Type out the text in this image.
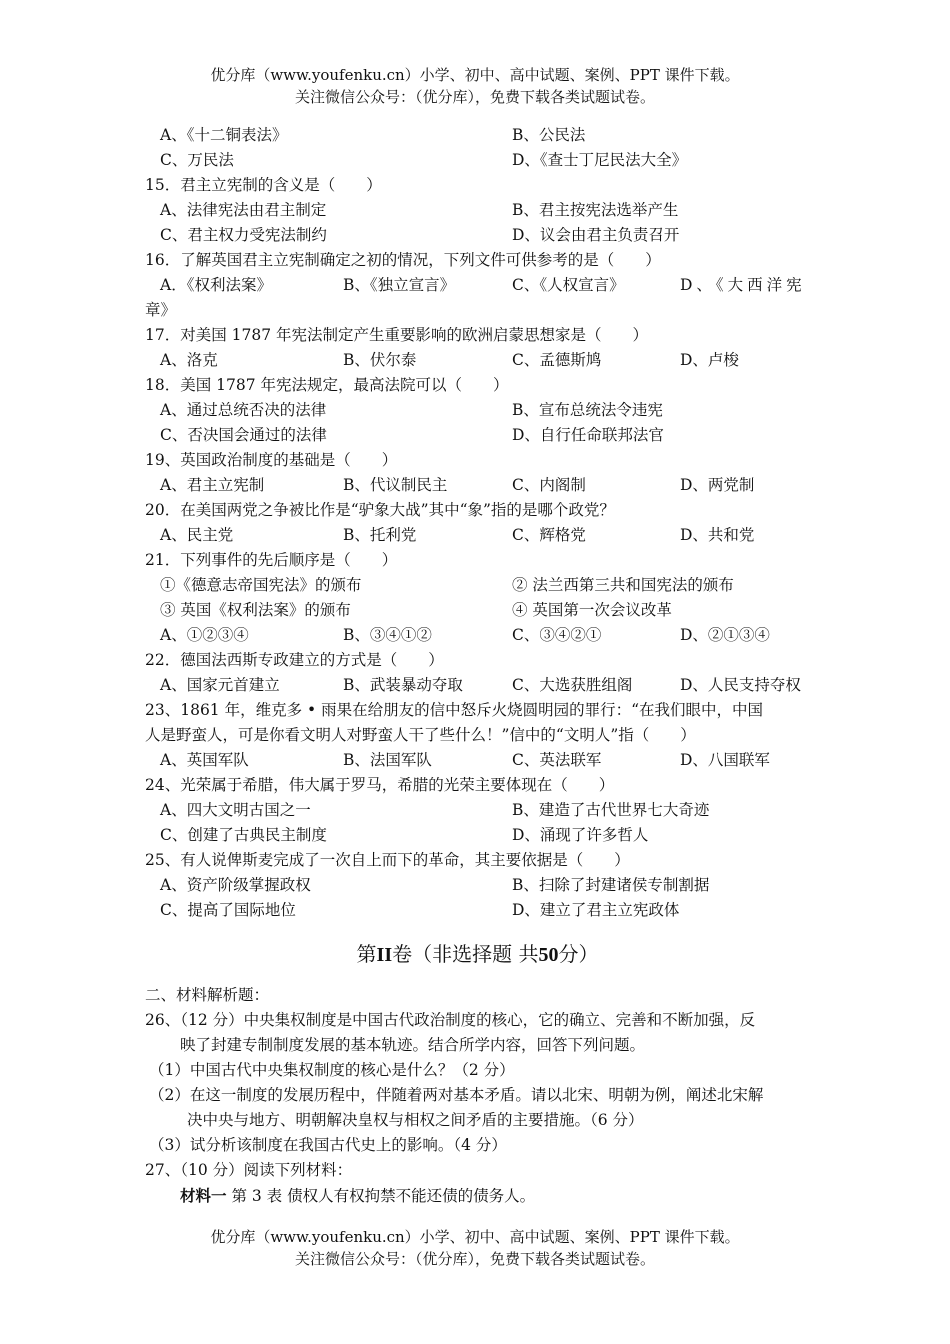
优分库（www.youfenku.cn）小学、初中、高中试题、案例、PPT 课件下载。
关注微信公众号：（优分库），免费下载各类试题试卷。
A、《十二铜表法》	B、公民法
C、万民法	D、《查士丁尼民法大全》
15．君主立宪制的含义是（　　）
A、法律宪法由君主制定	B、君主按宪法选举产生
C、君主权力受宪法制约	D、议会由君主负责召开
16．了解英国君主立宪制确定之初的情况，下列文件可供参考的是（　　）
A．《权利法案》	B、《独立宣言》	C、《人权宣言》	D、《大西洋宪
章》
17．对美国 1787 年宪法制定产生重要影响的欧洲启蒙思想家是（　　）
A、洛克	B、伏尔泰	C、孟德斯鸠	D、卢梭
18．美国 1787 年宪法规定，最高法院可以（　　）
A、通过总统否决的法律	B、宣布总统法令违宪
C、否决国会通过的法律	D、自行任命联邦法官
19、英国政治制度的基础是（　　）
A、君主立宪制	B、代议制民主	C、内阁制	D、两党制
20．在美国两党之争被比作是“驴象大战”其中“象”指的是哪个政党？
A、民主党	B、托利党	C、辉格党	D、共和党
21．下列事件的先后顺序是（　　）
①《德意志帝国宪法》的颁布	② 法兰西第三共和国宪法的颁布
③ 英国《权利法案》的颁布	④ 英国第一次会议改革
A、①②③④	B、③④①②	C、③④②①	D、②①③④
22．德国法西斯专政建立的方式是（　　）
A、国家元首建立	B、武装暴动夺取	C、大选获胜组阁	D、人民支持夺权
23、1861 年，维克多 • 雨果在给朋友的信中怒斥火烧圆明园的罪行：“在我们眼中，中国
人是野蛮人，可是你看文明人对野蛮人干了些什么！”信中的“文明人”指（　　）
A、英国军队	B、法国军队	C、英法联军	D、八国联军
24、光荣属于希腊，伟大属于罗马，希腊的光荣主要体现在（　　）
A、四大文明古国之一	B、建造了古代世界七大奇迹
C、创建了古典民主制度	D、涌现了许多哲人
25、有人说俾斯麦完成了一次自上而下的革命，其主要依据是（　　）
A、资产阶级掌握政权	B、扫除了封建诸侯专制割据
C、提高了国际地位	D、建立了君主立宪政体
第II卷（非选择题 共50分）
二、材料解析题：
26、（12 分）中央集权制度是中国古代政治制度的核心，它的确立、完善和不断加强，反
映了封建专制制度发展的基本轨迹。结合所学内容，回答下列问题。
（1）中国古代中央集权制度的核心是什么？（2 分）
（2）在这一制度的发展历程中，伴随着两对基本矛盾。请以北宋、明朝为例，阐述北宋解
决中央与地方、明朝解决皇权与相权之间矛盾的主要措施。（6 分）
（3）试分析该制度在我国古代史上的影响。（4 分）
27、（10 分）阅读下列材料：
材料一 第 3 表 债权人有权拘禁不能还债的债务人。
优分库（www.youfenku.cn）小学、初中、高中试题、案例、PPT 课件下载。
关注微信公众号：（优分库），免费下载各类试题试卷。
